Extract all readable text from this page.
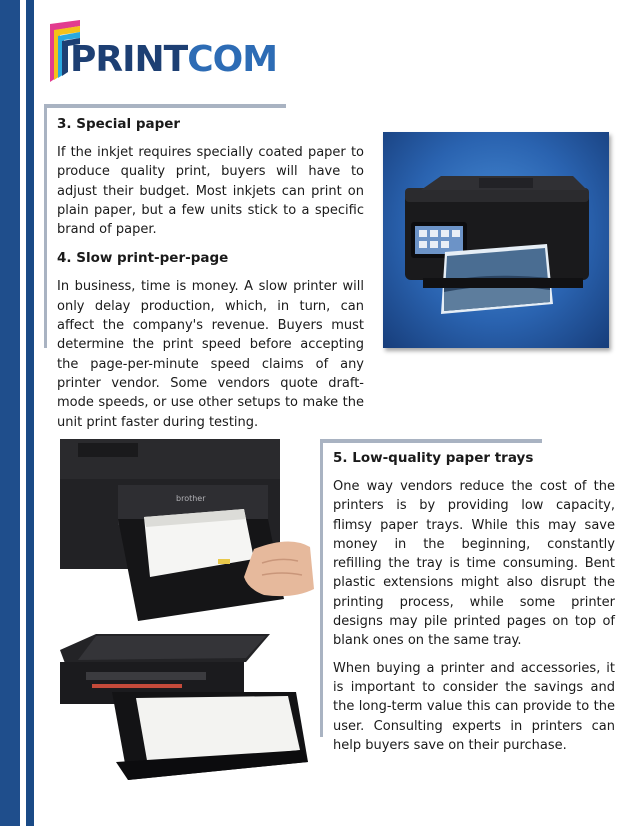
PRINTCOM

3. Special paper

If the inkjet requires specially coated paper to produce quality print, buyers will have to adjust their budget. Most inkjets can print on plain paper, but a few units stick to a specific brand of paper.

4. Slow print-per-page

In business, time is money. A slow printer will only delay production, which, in turn, can affect the company's revenue. Buyers must determine the print speed before accepting the page-per-minute speed claims of any printer vendor. Some vendors quote draft-mode speeds, or use other setups to make the unit print faster during testing.

brother

5. Low-quality paper trays

One way vendors reduce the cost of the printers is by providing low capacity, flimsy paper trays. While this may save money in the beginning, constantly refilling the tray is time consuming. Bent plastic extensions might also disrupt the printing process, while some printer designs may pile printed pages on top of blank ones on the same tray.

When buying a printer and accessories, it is important to consider the savings and the long-term value this can provide to the user. Consulting experts in printers can help buyers save on their purchase.
